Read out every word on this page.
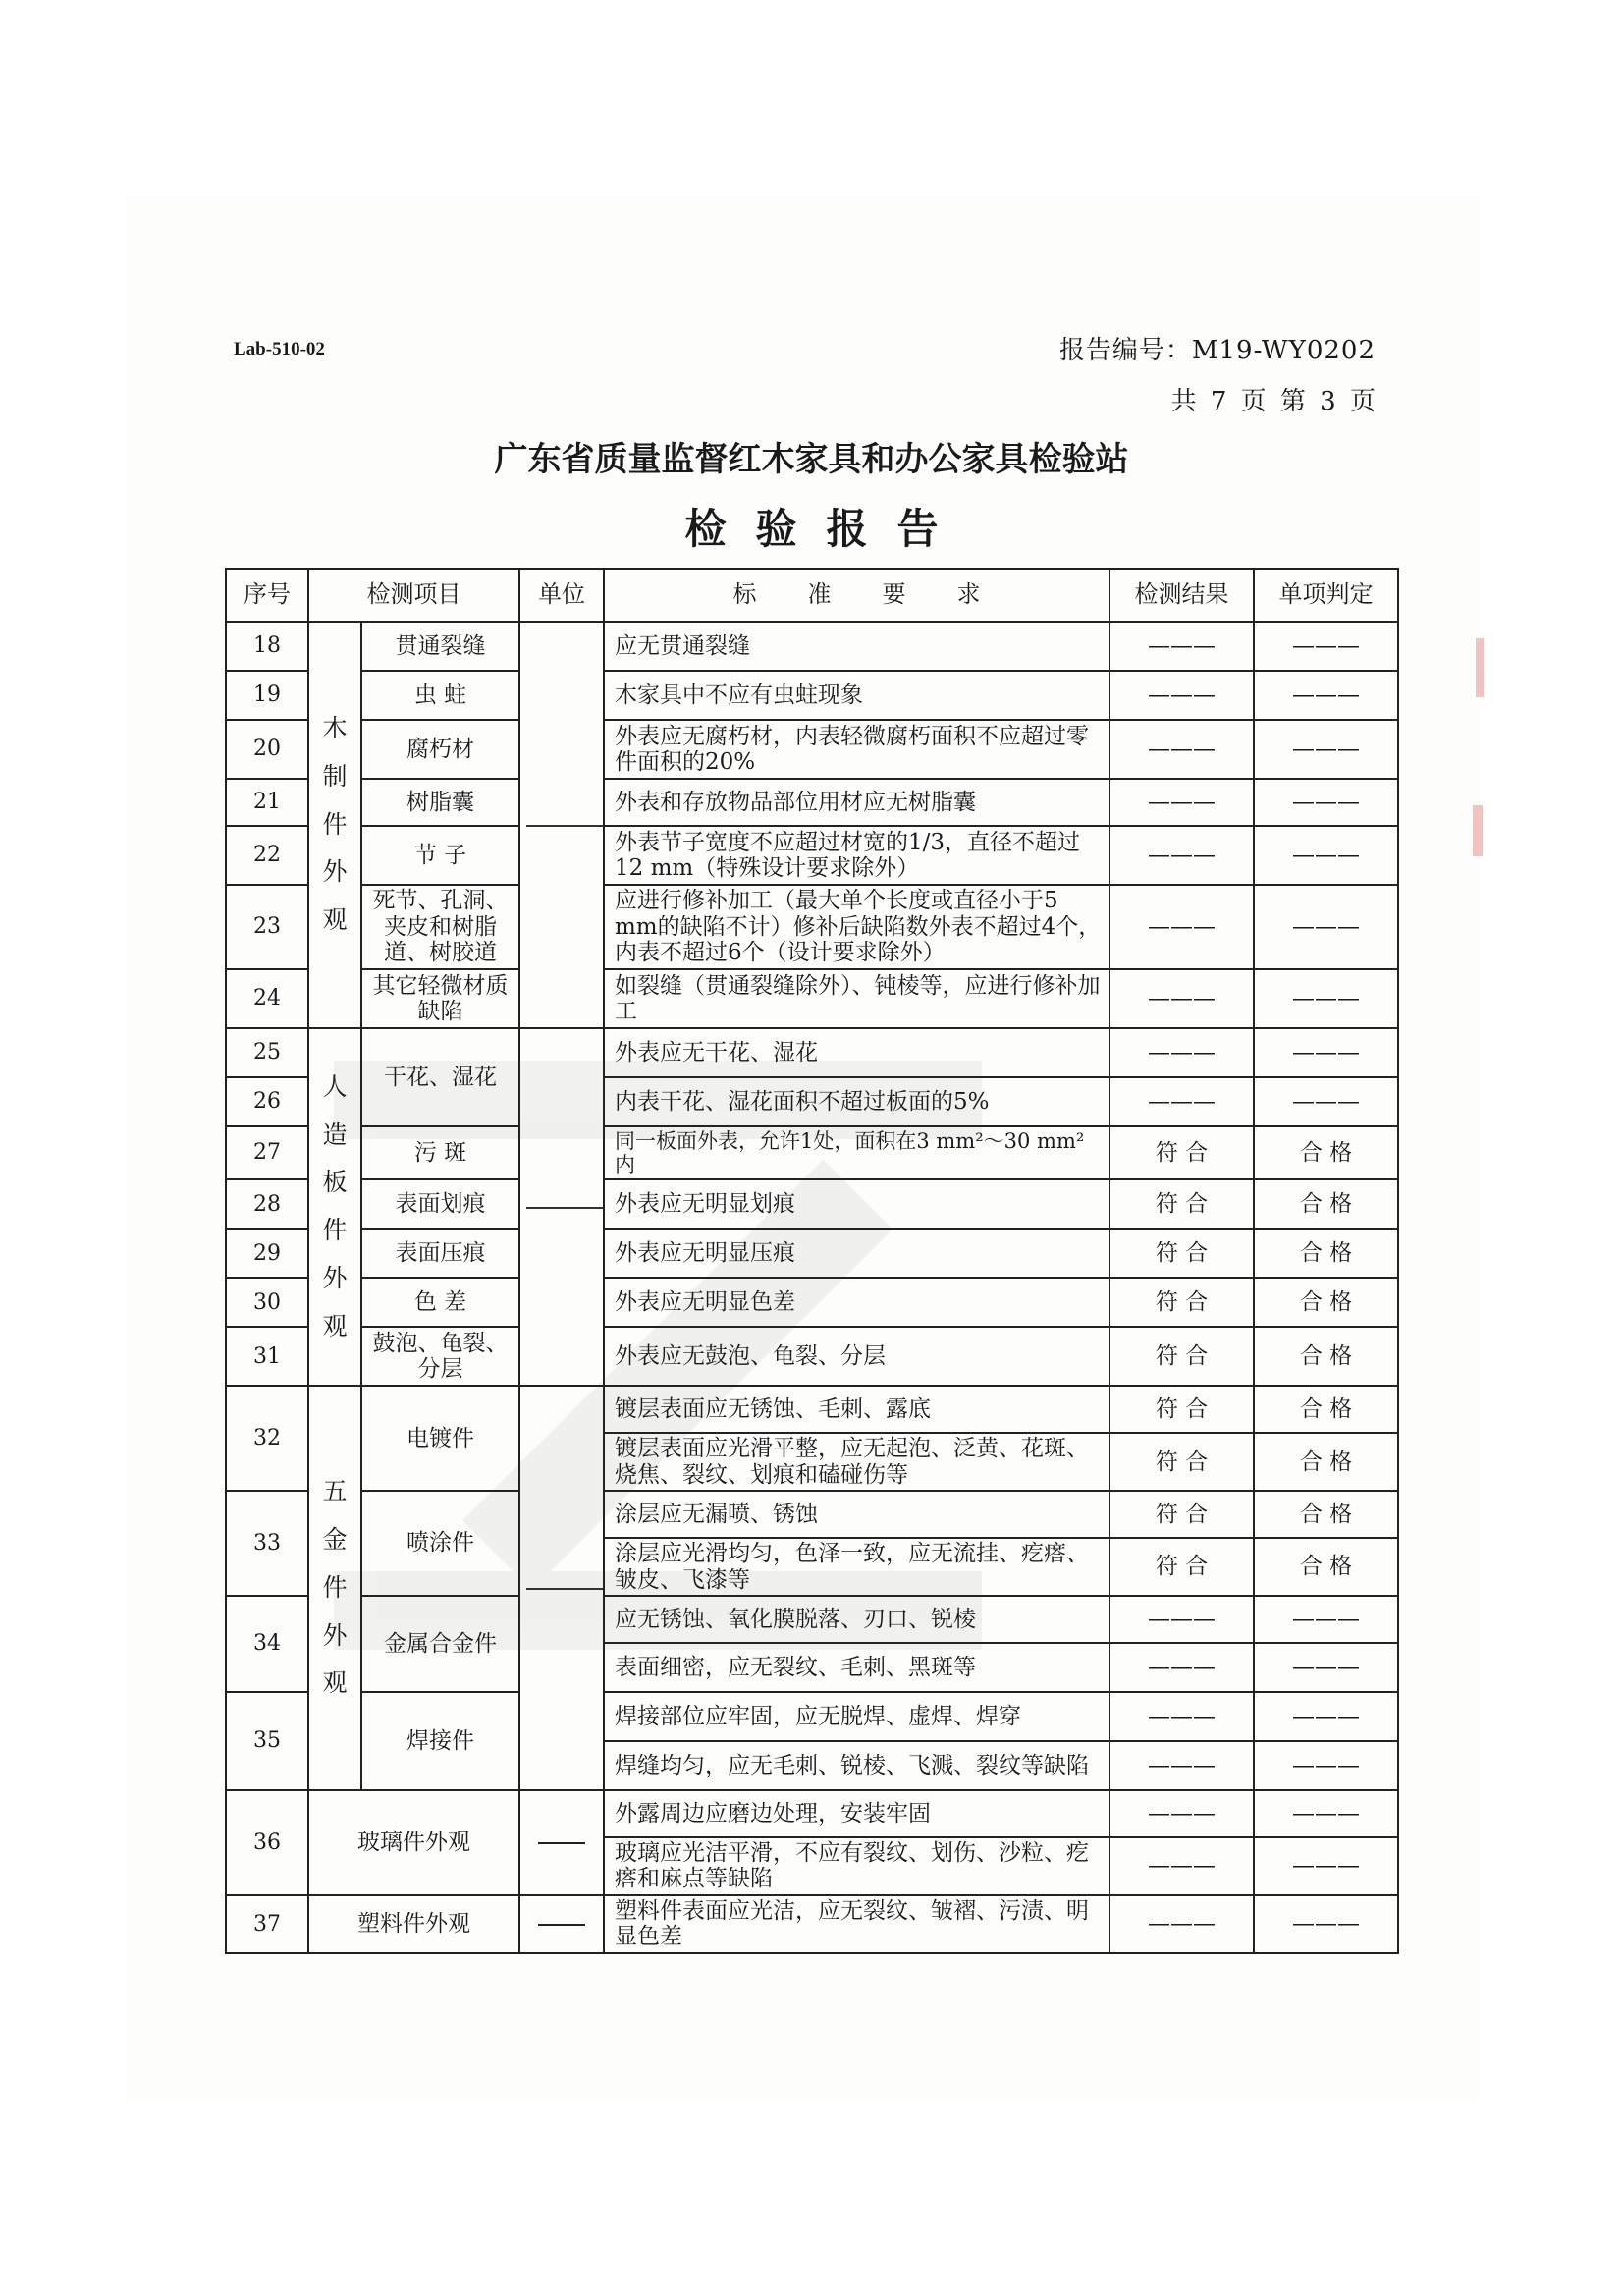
Lab-510-02	报告编号：M19-WY0202
共 7 页 第 3 页
广东省质量监督红木家具和办公家具检验站
检验报告
序号	检测项目		单位	标准要求	检测结果	单项判定
18	木制件外观	贯通裂缝		应无贯通裂缝	———	———
19		虫 蛀		木家具中不应有虫蛀现象	———	———
20		腐朽材		外表应无腐朽材，内表轻微腐朽面积不应超过零件面积的20%	———	———
21		树脂囊		外表和存放物品部位用材应无树脂囊	———	———
22		节 子		外表节子宽度不应超过材宽的1/3，直径不超过12 mm（特殊设计要求除外）	———	———
23		死节、孔洞、夹皮和树脂道、树胶道		应进行修补加工（最大单个长度或直径小于5 mm的缺陷不计）修补后缺陷数外表不超过4个，内表不超过6个（设计要求除外）	———	———
24		其它轻微材质缺陷		如裂缝（贯通裂缝除外）、钝棱等，应进行修补加工	———	———
25	人造板件外观	干花、湿花		外表应无干花、湿花	———	———
26				内表干花、湿花面积不超过板面的5%	———	———
27		污 斑		同一板面外表，允许1处，面积在3 mm²～30 mm²内	符 合	合 格
28		表面划痕		外表应无明显划痕	符 合	合 格
29		表面压痕		外表应无明显压痕	符 合	合 格
30		色 差		外表应无明显色差	符 合	合 格
31		鼓泡、龟裂、分层		外表应无鼓泡、龟裂、分层	符 合	合 格
32	五金件外观	电镀件		镀层表面应无锈蚀、毛刺、露底	符 合	合 格
				镀层表面应光滑平整，应无起泡、泛黄、花斑、烧焦、裂纹、划痕和磕碰伤等	符 合	合 格
33		喷涂件		涂层应无漏喷、锈蚀	符 合	合 格
				涂层应光滑均匀，色泽一致，应无流挂、疙瘩、皱皮、飞漆等	符 合	合 格
34		金属合金件		应无锈蚀、氧化膜脱落、刃口、锐棱	———	———
				表面细密，应无裂纹、毛刺、黑斑等	———	———
35		焊接件		焊接部位应牢固，应无脱焊、虚焊、焊穿	———	———
				焊缝均匀，应无毛刺、锐棱、飞溅、裂纹等缺陷	———	———
36	玻璃件外观			外露周边应磨边处理，安装牢固	———	———
				玻璃应光洁平滑，不应有裂纹、划伤、沙粒、疙瘩和麻点等缺陷	———	———
37	塑料件外观			塑料件表面应光洁，应无裂纹、皱褶、污渍、明显色差	———	———
